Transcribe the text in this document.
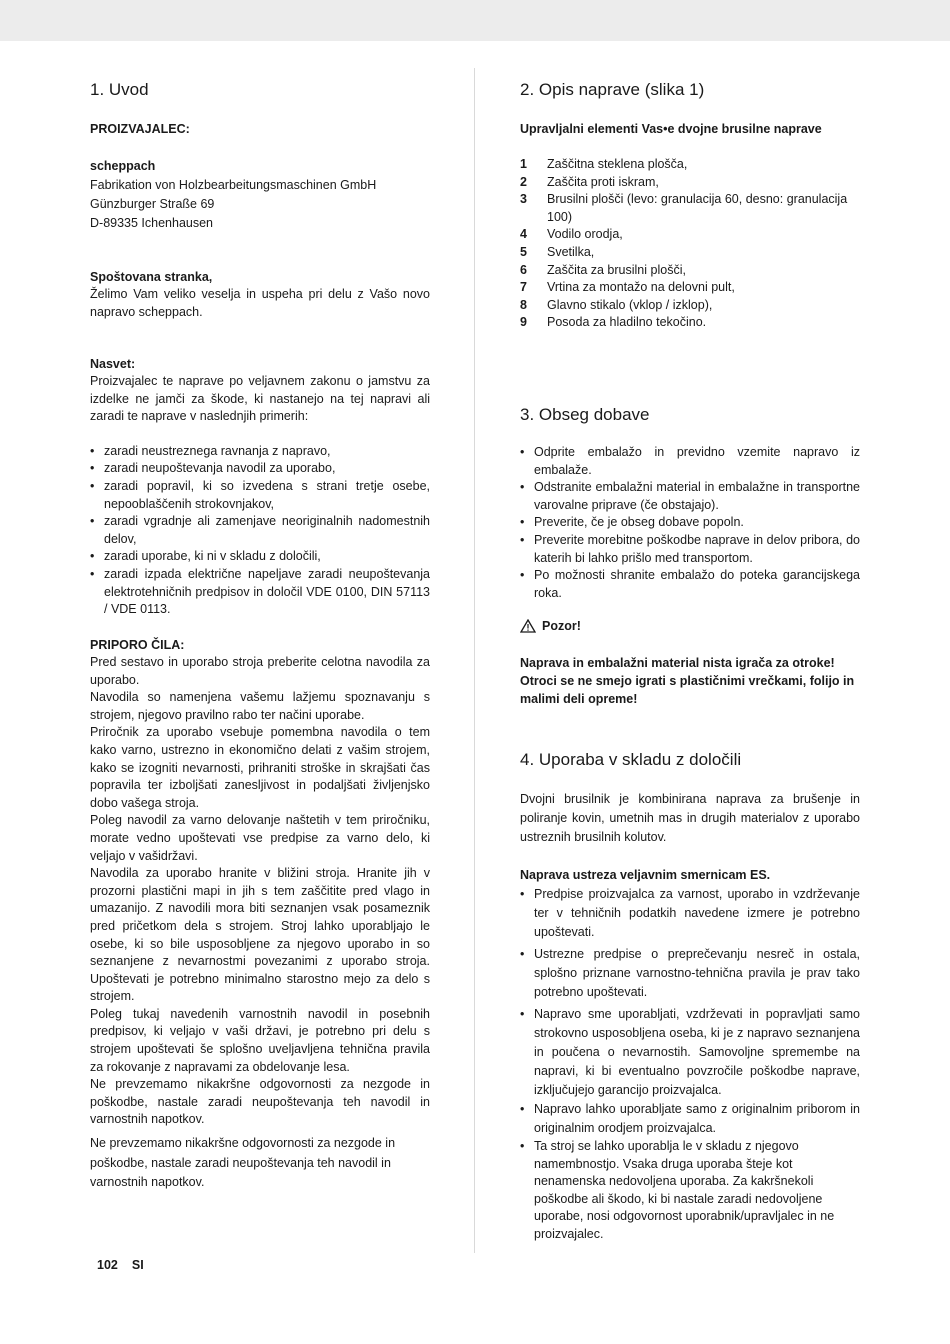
1. Uvod
PROIZVAJALEC:
scheppach
Fabrikation von Holzbearbeitungsmaschinen GmbH
Günzburger Straße 69
D-89335 Ichenhausen
Spoštovana stranka,
Želimo Vam veliko veselja in uspeha pri delu z Vašo novo napravo scheppach.
Nasvet:
Proizvajalec te naprave po veljavnem zakonu o jamstvu za izdelke ne jamči za škode, ki nastanejo na tej napravi ali zaradi te naprave v naslednjih primerih:
• zaradi neustreznega ravnanja z napravo,
• zaradi neupoštevanja navodil za uporabo,
• zaradi popravil, ki so izvedena s strani tretje osebe, nepooblaščenih strokovnjakov,
• zaradi vgradnje ali zamenjave neoriginalnih nadomestnih delov,
• zaradi uporabe, ki ni v skladu z določili,
• zaradi izpada električne napeljave zaradi neupoštevanja elektrotehničnih predpisov in določil VDE 0100, DIN 57113 / VDE 0113.
PRIPORO ČILA:
Pred sestavo in uporabo stroja preberite celotna navodila za uporabo.
Navodila so namenjena vašemu lažjemu spoznavanju s strojem, njegovo pravilno rabo ter načini uporabe.
Priročnik za uporabo vsebuje pomembna navodila o tem kako varno, ustrezno in ekonomično delati z vašim strojem, kako se izogniti nevarnosti, prihraniti stroške in skrajšati čas popravila ter izboljšati zanesljivost in podaljšati življenjsko dobo vašega stroja.
Poleg navodil za varno delovanje naštetih v tem priročniku, morate vedno upoštevati vse predpise za varno delo, ki veljajo v vašidržavi.
Navodila za uporabo hranite v bližini stroja. Hranite jih v prozorni plastični mapi in jih s tem zaščitite pred vlago in umazanijo. Z navodili mora biti seznanjen vsak posameznik pred pričetkom dela s strojem. Stroj lahko uporabljajo le osebe, ki so bile usposobljene za njegovo uporabo in so seznanjene z nevarnostmi povezanimi z uporabo stroja. Upoštevati je potrebno minimalno starostno mejo za delo s strojem.
Poleg tukaj navedenih varnostnih navodil in posebnih predpisov, ki veljajo v vaši državi, je potrebno pri delu s strojem upoštevati še splošno uveljavljena tehnična pravila za rokovanje z napravami za obdelovanje lesa.
Ne prevzemamo nikakršne odgovornosti za nezgode in poškodbe, nastale zaradi neupoštevanja teh navodil in varnostnih napotkov.
Ne prevzemamo nikakršne odgovornosti za nezgode in poškodbe, nastale zaradi neupoštevanja teh navodil in varnostnih napotkov.
2. Opis naprave (slika 1)
Upravljalni elementi Vas•e dvojne brusilne naprave
1	Zaščitna steklena plošča,
2	Zaščita proti iskram,
3	Brusilni plošči (levo: granulacija 60, desno: granulacija 100)
4	Vodilo orodja,
5	Svetilka,
6	Zaščita za brusilni plošči,
7	Vrtina za montažo na delovni pult,
8	Glavno stikalo (vklop / izklop),
9	Posoda za hladilno tekočino.
3. Obseg dobave
• Odprite embalažo in previdno vzemite napravo iz embalaže.
• Odstranite embalažni material in embalažne in transportne varovalne priprave (če obstajajo).
• Preverite, če je obseg dobave popoln.
• Preverite morebitne poškodbe naprave in delov pribora, do katerih bi lahko prišlo med transportom.
• Po možnosti shranite embalažo do poteka garancijskega roka.
Pozor!
Naprava in embalažni material nista igrača za otroke! Otroci se ne smejo igrati s plastičnimi vrečkami, folijo in malimi deli opreme!
4. Uporaba v skladu z določili
Dvojni brusilnik je kombinirana naprava za brušenje in poliranje kovin, umetnih mas in drugih materialov z uporabo ustreznih brusilnih kolutov.
Naprava ustreza veljavnim smernicam ES.
• Predpise proizvajalca za varnost, uporabo in vzdrževanje ter v tehničnih podatkih navedene izmere je potrebno upoštevati.
• Ustrezne predpise o preprečevanju nesreč in ostala, splošno priznane varnostno-tehnična pravila je prav tako potrebno upoštevati.
• Napravo sme uporabljati, vzdrževati in popravljati samo strokovno usposobljena oseba, ki je z napravo seznanjena in poučena o nevarnostih. Samovoljne spremembe na napravi, ki bi eventualno povzročile poškodbe naprave, izključujejo garancijo proizvajalca.
• Napravo lahko uporabljate samo z originalnim priborom in originalnim orodjem proizvajalca.
• Ta stroj se lahko uporablja le v skladu z njegovo namembnostjo. Vsaka druga uporaba šteje kot nenamenska nedovoljena uporaba. Za kakršnekoli poškodbe ali škodo, ki bi nastale zaradi nedovoljene uporabe, nosi odgovornost uporabnik/upravljalec in ne proizvajalec.
102 SI
